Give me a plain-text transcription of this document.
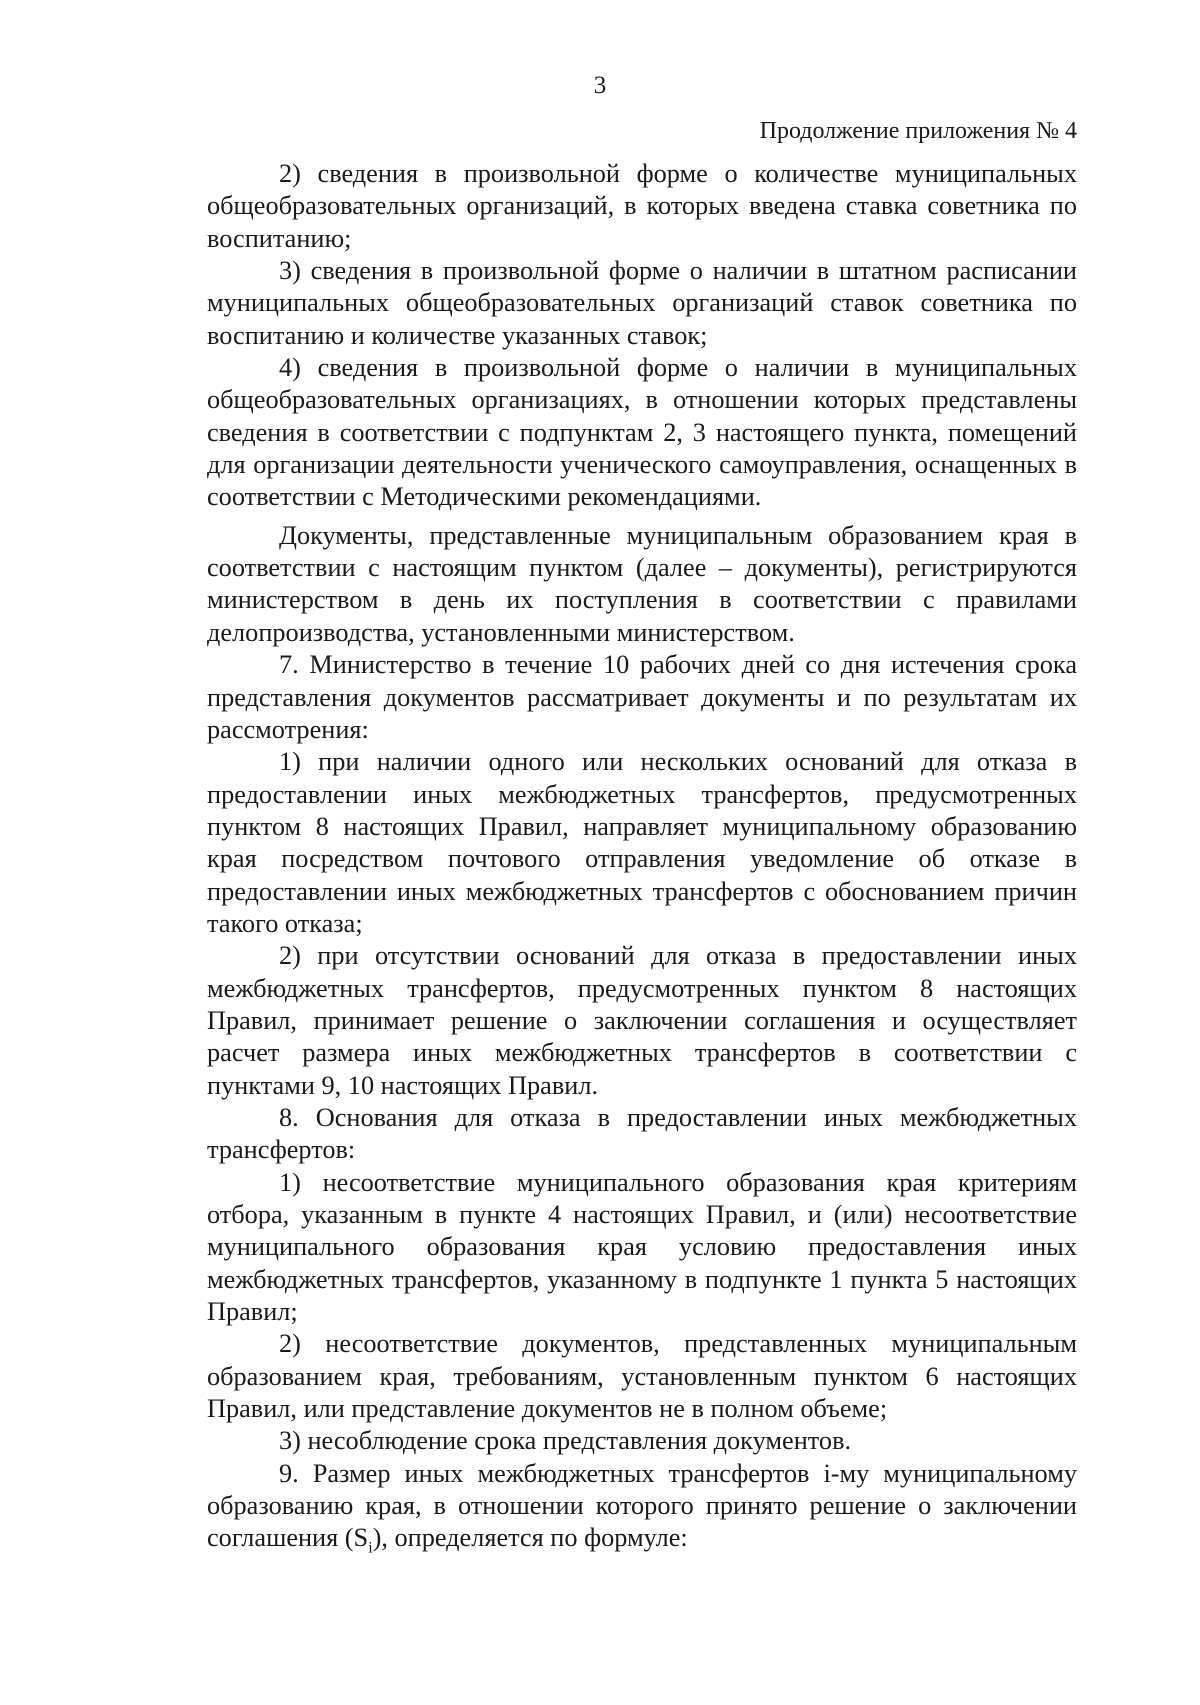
3
Продолжение приложения № 4

2) сведения в произвольной форме о количестве муниципальных общеобразовательных организаций, в которых введена ставка советника по воспитанию;

3) сведения в произвольной форме о наличии в штатном расписании муниципальных общеобразовательных организаций ставок советника по воспитанию и количестве указанных ставок;

4) сведения в произвольной форме о наличии в муниципальных общеобразовательных организациях, в отношении которых представлены сведения в соответствии с подпунктам 2, 3 настоящего пункта, помещений для организации деятельности ученического самоуправления, оснащенных в соответствии с Методическими рекомендациями.

Документы, представленные муниципальным образованием края в соответствии с настоящим пунктом (далее – документы), регистрируются министерством в день их поступления в соответствии с правилами делопроизводства, установленными министерством.

7. Министерство в течение 10 рабочих дней со дня истечения срока представления документов рассматривает документы и по результатам их рассмотрения:

1) при наличии одного или нескольких оснований для отказа в предоставлении иных межбюджетных трансфертов, предусмотренных пунктом 8 настоящих Правил, направляет муниципальному образованию края посредством почтового отправления уведомление об отказе в предоставлении иных межбюджетных трансфертов с обоснованием причин такого отказа;

2) при отсутствии оснований для отказа в предоставлении иных межбюджетных трансфертов, предусмотренных пунктом 8 настоящих Правил, принимает решение о заключении соглашения и осуществляет расчет размера иных межбюджетных трансфертов в соответствии с пунктами 9, 10 настоящих Правил.

8. Основания для отказа в предоставлении иных межбюджетных трансфертов:

1) несоответствие муниципального образования края критериям отбора, указанным в пункте 4 настоящих Правил, и (или) несоответствие муниципального образования края условию предоставления иных межбюджетных трансфертов, указанному в подпункте 1 пункта 5 настоящих Правил;

2) несоответствие документов, представленных муниципальным образованием края, требованиям, установленным пунктом 6 настоящих Правил, или представление документов не в полном объеме;

3) несоблюдение срока представления документов.

9. Размер иных межбюджетных трансфертов i-му муниципальному образованию края, в отношении которого принято решение о заключении соглашения $(S_i)$, определяется по формуле:
